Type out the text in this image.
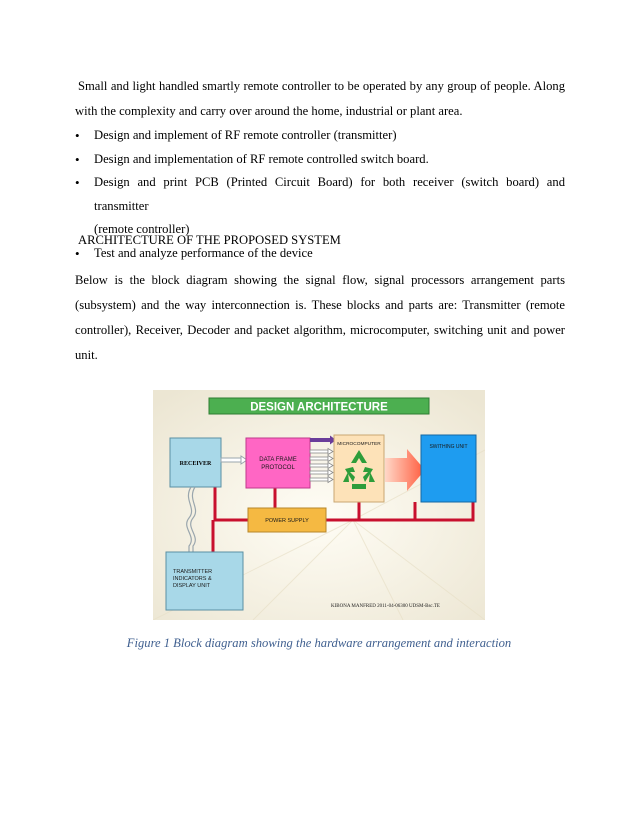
Small and light handled smartly remote controller to be operated by any group of people. Along
with the complexity and carry over around the home, industrial or plant area.
• Design and implement of RF remote controller (transmitter)
• Design and implementation of RF remote controlled switch board.
• Design and print PCB (Printed Circuit Board) for both receiver (switch board) and transmitter
(remote controller)
• Test and analyze performance of the device
ARCHITECTURE OF THE PROPOSED SYSTEM
Below is the block diagram showing the signal flow, signal processors arrangement parts
(subsystem) and the way interconnection is. These blocks and parts are: Transmitter (remote
controller), Receiver, Decoder and packet algorithm, microcomputer, switching unit and power
unit.
DESIGN ARCHITECTURE
RECEIVER
DATA FRAME
PROTOCOL
MICROCOMPUTER	SWITHING UNIT
POWER SUPPLY
TRANSMITTER
INDICATORS &
DISPLAY UNIT
KIBONA MANFRED 2011-04-06300 UDSM-Bsc.TE
Figure 1 Block diagram showing the hardware arrangement and interaction
